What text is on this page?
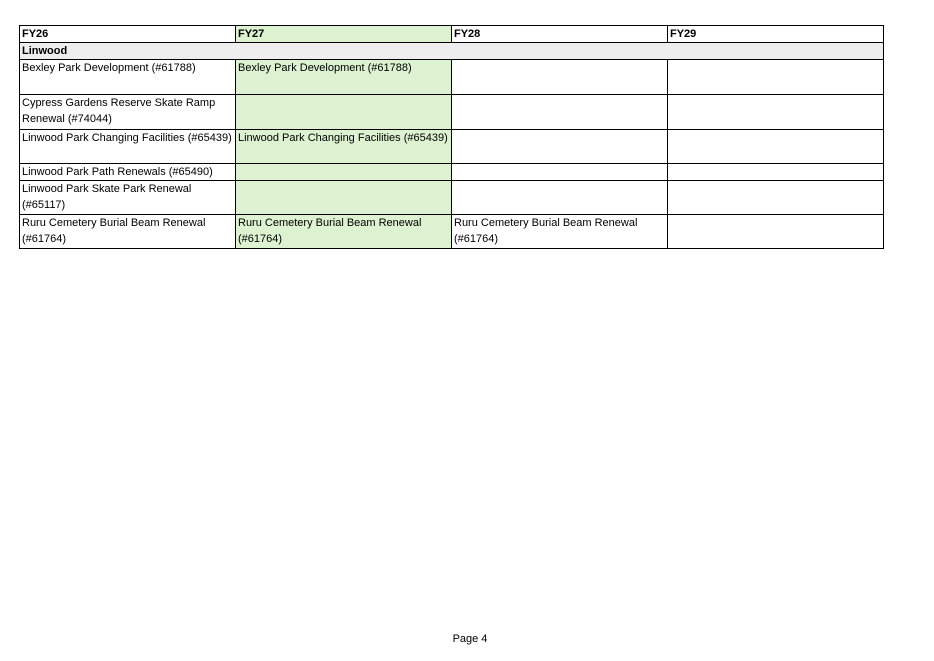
FY26	FY27	FY28	FY29
Linwood			
Bexley Park Development (#61788)	Bexley Park Development (#61788)		
Cypress Gardens Reserve Skate Ramp Renewal (#74044)			
Linwood Park Changing Facilities (#65439)	Linwood Park Changing Facilities (#65439)		
Linwood Park Path Renewals (#65490)			
Linwood Park Skate Park Renewal (#65117)			
Ruru Cemetery Burial Beam Renewal (#61764)	Ruru Cemetery Burial Beam Renewal (#61764)	Ruru Cemetery Burial Beam Renewal (#61764)	
Page 4
